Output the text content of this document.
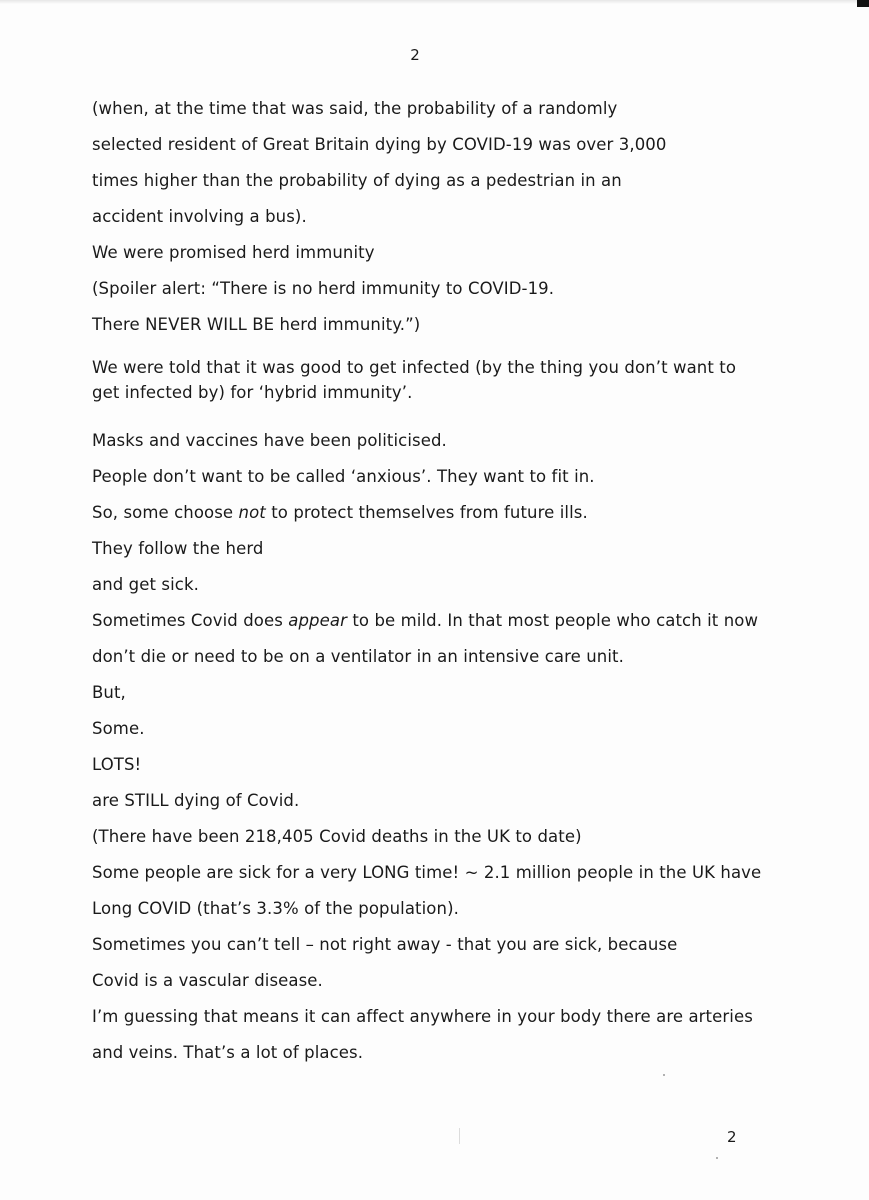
2
(when, at the time that was said, the probability of a randomly
selected resident of Great Britain dying by COVID-19 was over 3,000
times higher than the probability of dying as a pedestrian in an
accident involving a bus).
We were promised herd immunity
(Spoiler alert: “There is no herd immunity to COVID-19.
There NEVER WILL BE herd immunity.”)
We were told that it was good to get infected (by the thing you don’t want to
get infected by) for ‘hybrid immunity’.
Masks and vaccines have been politicised.
People don’t want to be called ‘anxious’. They want to fit in.
So, some choose not to protect themselves from future ills.
They follow the herd
and get sick.
Sometimes Covid does appear to be mild. In that most people who catch it now
don’t die or need to be on a ventilator in an intensive care unit.
But,
Some.
LOTS!
are STILL dying of Covid.
(There have been 218,405 Covid deaths in the UK to date)
Some people are sick for a very LONG time! ~ 2.1 million people in the UK have
Long COVID (that’s 3.3% of the population).
Sometimes you can’t tell – not right away - that you are sick, because
Covid is a vascular disease.
I’m guessing that means it can affect anywhere in your body there are arteries
and veins. That’s a lot of places.
2
